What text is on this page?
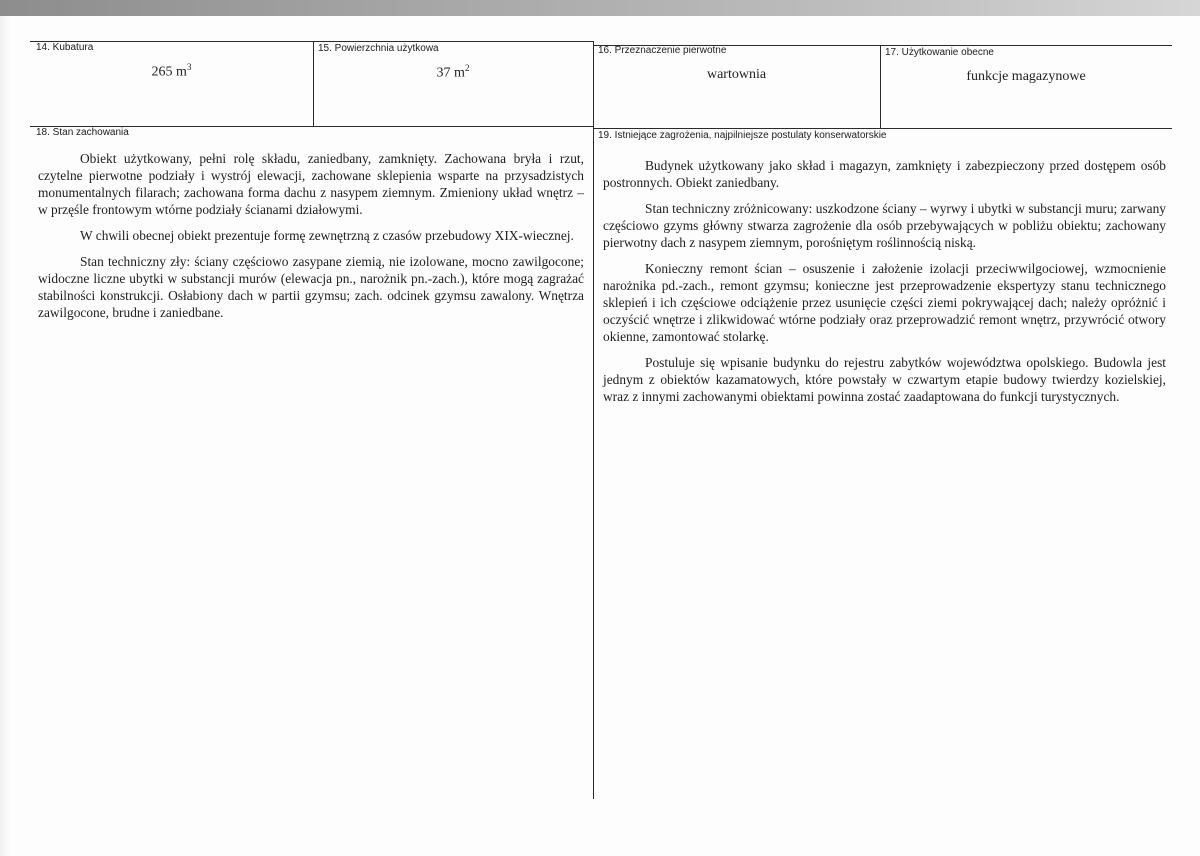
14. Kubatura
265 $m^3$
15. Powierzchnia użytkowa
37 $m^2$
16. Przeznaczenie pierwotne
wartownia
17. Użytkowanie obecne
funkcje magazynowe
18. Stan zachowania

Obiekt użytkowany, pełni rolę składu, zaniedbany, zamknięty. Zachowana bryła i rzut, czytelne pierwotne podziały i wystrój elewacji, zachowane sklepienia wsparte na przysadzistych monumentalnych filarach; zachowana forma dachu z nasypem ziemnym. Zmieniony układ wnętrz – w przęśle frontowym wtórne podziały ścianami działowymi.

W chwili obecnej obiekt prezentuje formę zewnętrzną z czasów przebudowy XIX-wiecznej.

Stan techniczny zły: ściany częściowo zasypane ziemią, nie izolowane, mocno zawilgocone; widoczne liczne ubytki w substancji murów (elewacja pn., narożnik pn.-zach.), które mogą zagrażać stabilności konstrukcji. Osłabiony dach w partii gzymsu; zach. odcinek gzymsu zawalony. Wnętrza zawilgocone, brudne i zaniedbane.

19. Istniejące zagrożenia, najpilniejsze postulaty konserwatorskie

Budynek użytkowany jako skład i magazyn, zamknięty i zabezpieczony przed dostępem osób postronnych. Obiekt zaniedbany.

Stan techniczny zróżnicowany: uszkodzone ściany – wyrwy i ubytki w substancji muru; zarwany częściowo gzyms główny stwarza zagrożenie dla osób przebywających w pobliżu obiektu; zachowany pierwotny dach z nasypem ziemnym, porośniętym roślinnością niską.

Konieczny remont ścian – osuszenie i założenie izolacji przeciwwilgociowej, wzmocnienie narożnika pd.-zach., remont gzymsu; konieczne jest przeprowadzenie ekspertyzy stanu technicznego sklepień i ich częściowe odciążenie przez usunięcie części ziemi pokrywającej dach; należy opróżnić i oczyścić wnętrze i zlikwidować wtórne podziały oraz przeprowadzić remont wnętrz, przywrócić otwory okienne, zamontować stolarkę.

Postuluje się wpisanie budynku do rejestru zabytków województwa opolskiego. Budowla jest jednym z obiektów kazamatowych, które powstały w czwartym etapie budowy twierdzy kozielskiej, wraz z innymi zachowanymi obiektami powinna zostać zaadaptowana do funkcji turystycznych.
